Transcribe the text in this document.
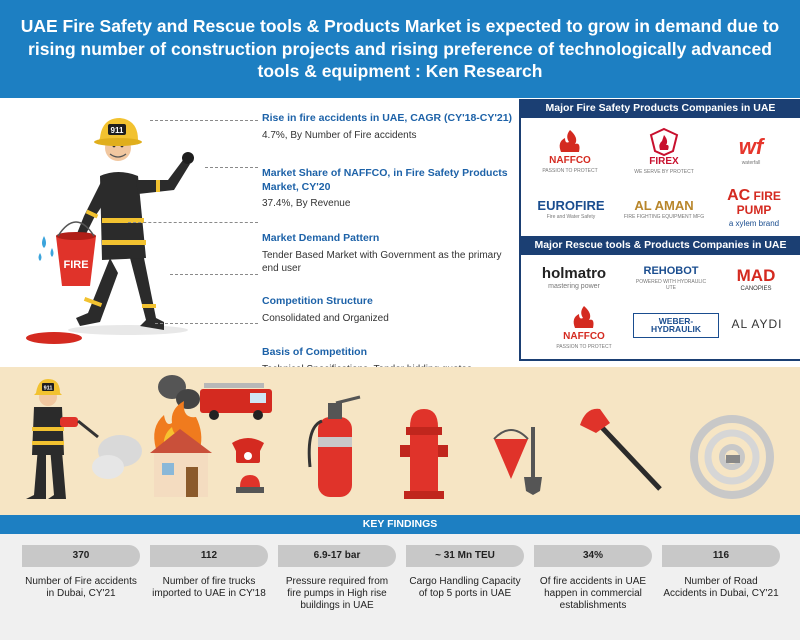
UAE Fire Safety and Rescue tools & Products Market is expected to grow in demand due to rising number of construction projects and rising preference of technologically advanced tools & equipment : Ken Research
911
FIRE
Rise in fire accidents in UAE, CAGR (CY'18-CY'21)
4.7%, By Number of Fire accidents
Market Share of NAFFCO, in Fire Safety Products Market, CY'20
37.4%, By Revenue
Market Demand Pattern
Tender Based Market with Government as the primary end user
Competition Structure
Consolidated and Organized
Basis of Competition
Major Fire Safety Products Companies in UAE
NAFFCO
PASSION TO PROTECT
FIREX
WE SERVE BY PROTECT
wf
waterfall
EUROFIRE
Fire and Water Safety
AL AMAN
FIRE FIGHTING EQUIPMENT MFG
AC FIRE PUMP
a xylem brand
Major Rescue tools & Products Companies in UAE
holmatro
mastering power
REHOBOT
POWERED WITH HYDRAULIC UTE
MAD
CANOPIES
NAFFCO
PASSION TO PROTECT
WEBER-HYDRAULIK	AL AYDI
911
KEY FINDINGS
370
Number of Fire accidents in Dubai, CY'21
112
Number of fire trucks imported to UAE in CY'18
6.9-17 bar
Pressure required from fire pumps in High rise buildings in UAE
~ 31 Mn TEU
Cargo Handling Capacity of top 5 ports in UAE
34%
Of fire accidents in UAE happen in commercial establishments
116
Number of Road Accidents in Dubai, CY'21
